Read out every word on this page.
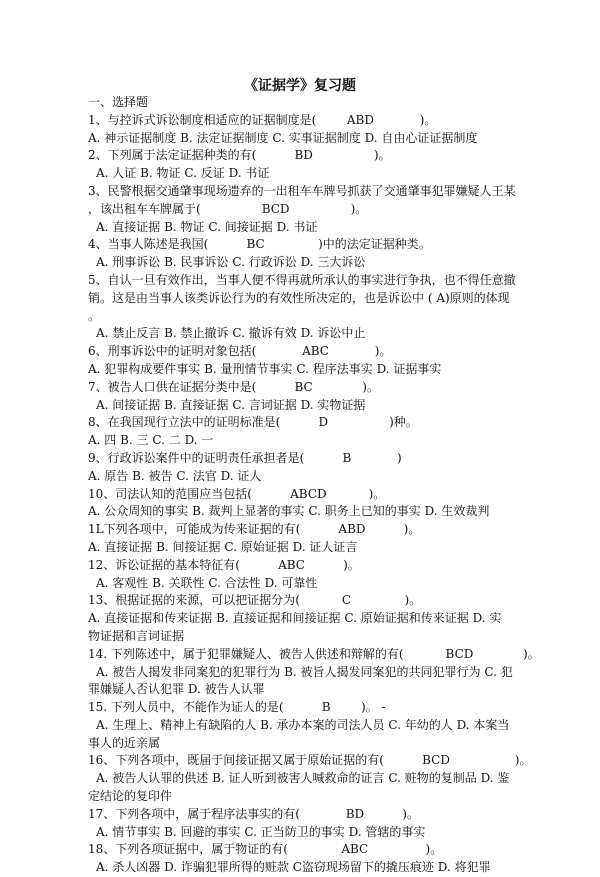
《证据学》复习题
一、选择题
1、与控诉式诉讼制度相适应的证据制度是(        ABD            )。
A. 神示证据制度 B. 法定证据制度 C. 实事证据制度 D. 自由心证证据制度
2、下列属于法定证据种类的有(          BD                )。
A. 人证 B. 物证 C. 反证 D. 书证
3、民警根据交通肇事现场遗弃的一出租车车牌号抓获了交通肇事犯罪嫌疑人王某
，该出租车车牌属于(                BCD                )。
A. 直接证据 B. 物证 C. 间接证据 D. 书证
4、当事人陈述是我国(          BC              )中的法定证据种类。
A. 刑事诉讼 B. 民事诉讼 C. 行政诉讼 D. 三大诉讼
5、自认一旦有效作出，当事人便不得再就所承认的事实进行争执，也不得任意撤
销。这是由当事人该类诉讼行为的有效性所决定的，也是诉讼中 ( A)原则的体现
。
A. 禁止反言 B. 禁止撤诉 C. 撤诉有效 D. 诉讼中止
6、刑事诉讼中的证明对象包括(            ABC            )。
A. 犯罪构成要件事实 B. 量刑情节事实 C. 程序法事实 D. 证据事实
7、被告人口供在证据分类中是(          BC             )。
A. 间接证据 B. 直接证据 C. 言词证据 D. 实物证据
8、在我国现行立法中的证明标准是(          D                )种。
A. 四 B. 三 C. 二 D. 一
9、行政诉讼案件中的证明责任承担者是(          B            )
A. 原告 B. 被告 C. 法官 D. 证人
10、司法认知的范围应当包括(          ABCD           )。
A. 公众周知的事实 B. 裁判上显著的事实 C. 职务上已知的事实 D. 生效裁判
1L下列各项中，可能成为传来证据的有(          ABD          )。
A. 直接证据 B. 间接证据 C. 原始证据 D. 证人证言
12、诉讼证据的基本特征有(          ABC          )。
A. 客观性 B. 关联性 C. 合法性 D. 可靠性
13、根据证据的来源，可以把证据分为(           C              )。
A. 直接证据和传来证据 B. 直接证据和间接证据 C. 原始证据和传来证据 D. 实
物证据和言词证据
14. 下列陈述中，属于犯罪嫌疑人、被告人供述和辩解的有(           BCD             )。
A. 被告人揭发非同案犯的犯罪行为 B. 被旨人揭发同案犯的共同犯罪行为 C. 犯
罪嫌疑人否认犯罪 D. 被告人认罪
15. 下列人员中，不能作为证人的是(          B        )。 -
A. 生理上、精神上有缺陷的人 B. 承办本案的司法人员 C. 年幼的人 D. 本案当
事人的近亲属
16、下列各项中，既届于间接证据又属于原始证据的有(          BCD                 )。
A. 被告人认罪的供述 B. 证人听到被害人喊救命的证言 C. 赃物的复制品 D. 鉴
定结论的复印件
17、下列各项中，属于程序法事实的有(            BD          )。
A. 情节事实 B. 回避的事实 C. 正当防卫的事实 D. 管辖的事实
18、下列各项证据中，属于物证的有(              ABC               )。
A. 杀人凶器 D. 诈骗犯罪所得的赃款 C盗窃现场留下的撬压痕迹 D. 将犯罪
